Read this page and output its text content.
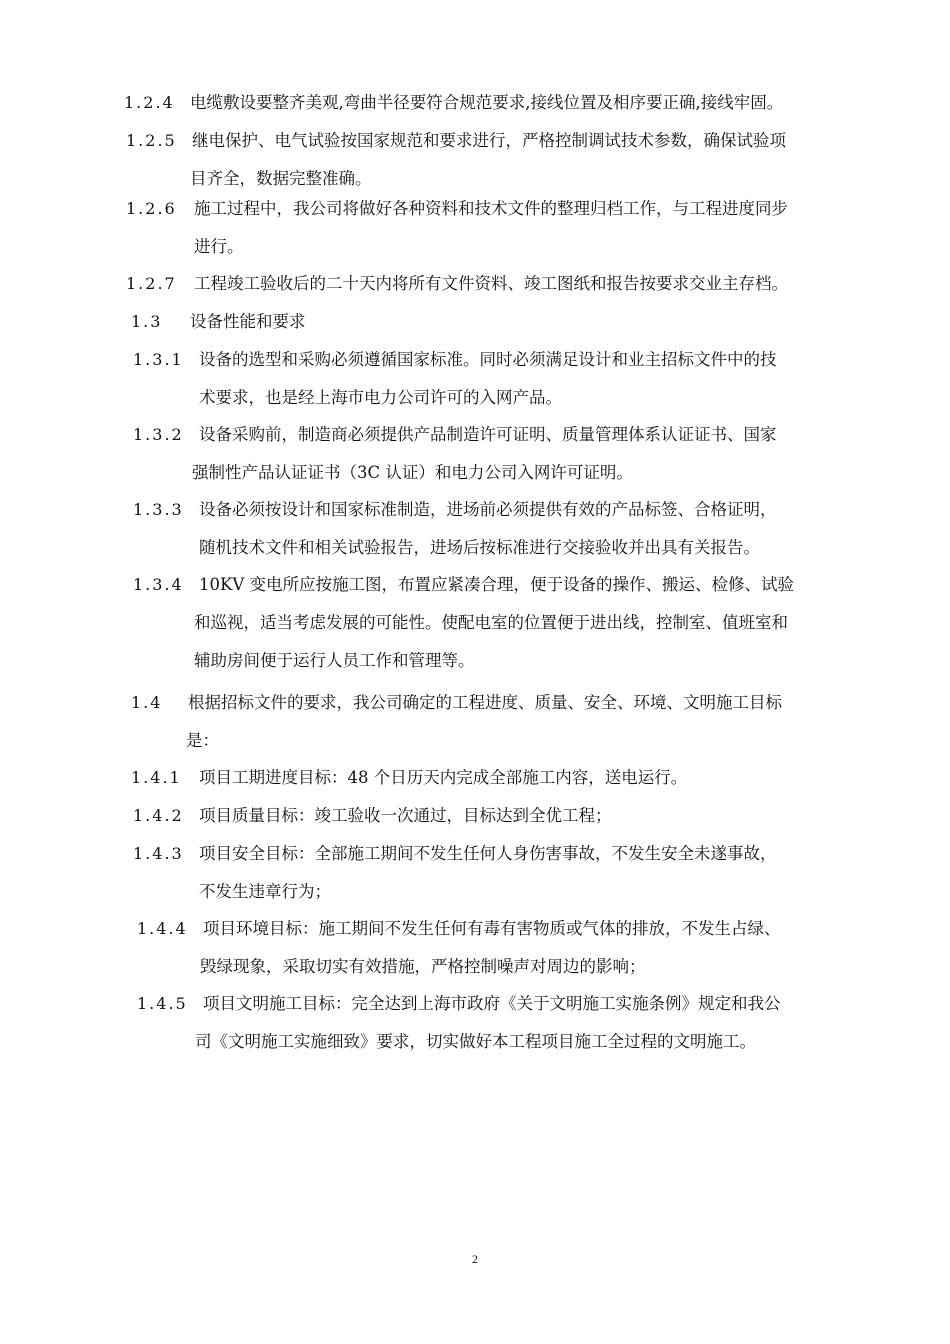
1.2.4 电缆敷设要整齐美观,弯曲半径要符合规范要求,接线位置及相序要正确,接线牢固。
1.2.5 继电保护、电气试验按国家规范和要求进行，严格控制调试技术参数，确保试验项
目齐全，数据完整准确。
1.2.6 施工过程中，我公司将做好各种资料和技术文件的整理归档工作，与工程进度同步
进行。
1.2.7 工程竣工验收后的二十天内将所有文件资料、竣工图纸和报告按要求交业主存档。
1.3 设备性能和要求
1.3.1 设备的选型和采购必须遵循国家标准。同时必须满足设计和业主招标文件中的技
术要求，也是经上海市电力公司许可的入网产品。
1.3.2 设备采购前，制造商必须提供产品制造许可证明、质量管理体系认证证书、国家
强制性产品认证证书（3C 认证）和电力公司入网许可证明。
1.3.3 设备必须按设计和国家标准制造，进场前必须提供有效的产品标签、合格证明，
随机技术文件和相关试验报告，进场后按标准进行交接验收并出具有关报告。
1.3.4 10KV 变电所应按施工图，布置应紧凑合理，便于设备的操作、搬运、检修、试验
和巡视，适当考虑发展的可能性。使配电室的位置便于进出线，控制室、值班室和
辅助房间便于运行人员工作和管理等。
1.4 根据招标文件的要求，我公司确定的工程进度、质量、安全、环境、文明施工目标
是：
1.4.1 项目工期进度目标：48 个日历天内完成全部施工内容，送电运行。
1.4.2 项目质量目标：竣工验收一次通过，目标达到全优工程；
1.4.3 项目安全目标：全部施工期间不发生任何人身伤害事故，不发生安全未遂事故，
不发生违章行为；
1.4.4 项目环境目标：施工期间不发生任何有毒有害物质或气体的排放，不发生占绿、
毁绿现象，采取切实有效措施，严格控制噪声对周边的影响；
1.4.5 项目文明施工目标：完全达到上海市政府《关于文明施工实施条例》规定和我公
司《文明施工实施细致》要求，切实做好本工程项目施工全过程的文明施工。
2
